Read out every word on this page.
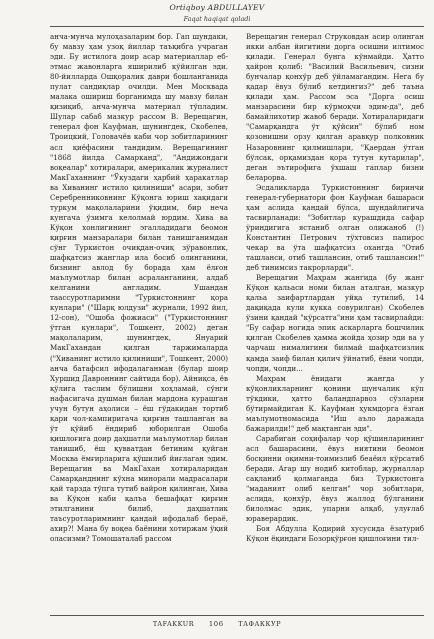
Ortiqboy ABDULLAYEV
Faqat haqiqat qoladi

анча-мунча мулоҳазаларим бор. Гап шундаки, бу мавзу ҳам узоқ йиллар таъқибга учраган эди. Бу истилога доир асар материаллар еб-этмас жавонларга яширилиб кўйилган эди. 80-йилларда Ошқоралик даври бошланганида пулат сандиқлар очилди. Мен Москвада малака ошириш борганимда шу мавзу билан қизиқиб, анча-мунча материал тўпладим. Шулар сабаб мазкур рассом В. Верещагин, генерал фон Кауфман, шунингдек, Скобелев, Троицкий, Головачёв каби чор зобитларининг асл қиёфасини тандидим. Верещагининг "1868 йилда Самарканд", "Андижондаги воқеалар" хотиралари, америкалик журналист МакГаханнинг "Ўкуздаги ҳарбий ҳаракатлар ва Хиванинг истило қилиниши" асари, зобит Серебренниковнинг Кўқонга юриш хақидаги туркум мақолаларини ўқидим, бир неча кунгача ўзимга келолмай юрдим. Хива ва Кўқон хонлигининг эгалладидаги беомон қирғин манзаралари билан танишганимдан сўнг Туркистон очиқдан-очиқ зўравонлик, шафқатсиз жанглар ила босиб олинганини, бизнинг авлод бу борада ҳам ёлғон маълумотлар билан асраланганини, алдаб келганини англадим. Ушандан таассуротларимни "Туркистоннинг қора кунлари" ("Шарқ юлдузи" журнали, 1992 йил, 12-сон), "Ошоба фожиаси" ("Туркистоннинг ўтган кунлари", Тошкент, 2002) деган мақолаларим, шунингдек, Януарий МакГахандан қилган таржималарда ("Хиванинг истило қилиниши", Тошкент, 2000) анча батафсил ифодалаганман (булар шоир Хуршид Давроннинг сайтида бор). Айниқса, ёв қўлига таслим бўлишни хоҳламай, сўнги нафасигача душман билан мардона курашган учун бутун аҳолиси – ёш гўдакидан тортиб қари чол-кампиригача қирғин ташланган ва ўт қўйиб ёндириб юборилган Ошоба қишлоғига доир даҳшатли маълумотлар билан танишиб, ёш қувватдан бетиним қуйган Москва ёмғирларига қўшилиб йиғлаган эдим. Верещагин ва МакГахан хотираларидан Самарқанднинг кўхна минорали мадрасалари қай тарзда тўпга тутиб вайрон қилинган, Хива ва Кўқон каби қалъа бешафқат қирғин этилганини билиб, даҳшатлик таъсуротларимнинг қандай ифодалаб бераё, ахир?! Мана бу воқеа баёнини хотиржам ўқий оласизми? Томошаталаб рассом

Верещагин генерал Струковдан асир олинган икки албан йигитини дорга осишни илтимос қилади. Генерал бунга кўнмайди. Ҳатто ҳайрон қолиб: "Василий Васильевич, сизни бунчалар қонхўр деб ўйламагандим. Нега бу қадар ёвуз бўлиб кетдингиз?" деб таъна қилади ҳам. Рассом эса "Дорга осиш манзарасини бир кўрмоқчи эдим-да", деб бамайлихотир жавоб беради. Хотираларидаги "Самарқандга ўт қўйсин" бўлиб ном қозонишни орзу қилган аравқур полковник Назаровнинг қилмишлари, "Қаердан ўтган бўлсак, орқамиздан қора тутун кутарилар", деган эътирофига ўхшаш гаплар бизни беларорва.

Эсдаликларда Туркистоннинг биринчи генерал-губернатори фон Кауфман башараси ҳам аслида қандай бўлса, шундайлигича тасвирланади: "Зобитлар курашдида сафар ўриндигига ястаниб олган олижаноб (!) Константин Петрович тўхтовсиз папирос чекар ва ўта шафқатсиз охангда "Отиб ташланси, отиб ташлансин, отиб ташлансин!" деб тинимсиз такрорларди".

Верещагин Маҳрам жангида (бу жанг Кўқон қальаси номи билан аталган, мазкур қальа заифартлардан уйқа тутилиб, 14 дақиқада кули кукка совурилган) Скобелев ўзини қандай "кўрсатга"ини ҳам тасвирлайди: "Бу сафар ногида эпик аскарларга бошчилик қилган Скобелев ҳамма жойда ҳозир эди ва у чарчаш нималигини билмай шафқатсизлик қамда заиф билан қилич ўйнатиб, ёвни чопди, чопди, чопди...

Маҳрам ёнидаги жангда у кўқонликларнинг қонини шунчалик кўп тўкдики, ҳатто баландпарвоз сўзларни бўтирмайдиган К. Кауфман ҳукмдорга ёзган маълумотномасида "Иш аъло даражада бажарилди!" деб мақтанган эди".

Сарабиган соҳифалар чор қўшинларининг асл башарасини, ёвуз ниятини беомон босқинни оқимни-тоимизлиб беаёил кўрсатиб беради. Агар шу нодиб китоблар, журналлар сақланиб қолмаганда биз Туркистонга "маданият олиб келган" чор зобитлари, аслида, қонхўр, ёвуз жаллод бўлганини билолмас эдик, упарни алқаб, улуғлаб юраверардик.

Боя Абдулла Қодирий хусусида ёзатуриб Кўқон ёқиндаги Бозорқўрғон қишлоғини тил-

TAFAKKUR 106 ТАФАККУР
